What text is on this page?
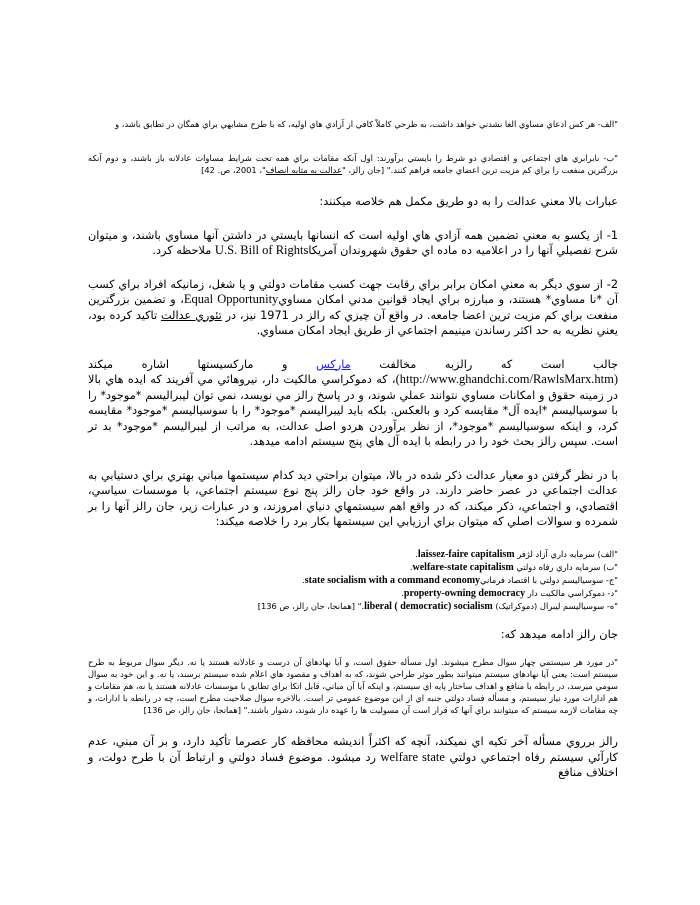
"الف- هر کس ادعاي مساوي الغا نشدني خواهد داشت، به طرحي کاملاً کافي از آزادي هاي اوليه، که با طرح مشابهي براي همگان در تطابق باشد، و

"ب- نابرابري هاي اجتماعي و اقتصادي دو شرط را بايستي برآورند: اول آنکه مقامات براي همه تحت شرايط مساوات عادلانه باز باشند، و دوم آنکه بزرگترين منفعت را براي کم مزيت ترين اعضاي جامعه فراهم کنند." [جان رالز، "عدالت به مثابه انصاف"، 2001، ص. 42]

عبارات بالا معني عدالت را به دو طريق مکمل هم خلاصه ميکنند:

1- از يکسو به معني تضمين همه آزادي هاي اوليه است که انسانها بايستي در داشتن آنها مساوي باشند، و ميتوان شرح تفصيلي آنها را در اعلاميه ده ماده اي حقوق شهروندان آمريکاU.S. Bill of Rights ملاحظه کرد.

2- از سوي ديگر به معني امکان برابر براي رقابت جهت کسب مقامات دولتي و يا شغل، زمانيکه افراد براي کسب آن *نا مساوي* هستند، و مبارزه براي ايجاد قوانين مدني امکان مساويEqual Opportunity، و تضمين بزرگترين منفعت براي کم مزيت ترين اعضا جامعه. در واقع آن چيزي که رالز در 1971 نيز، در تئوري عدالت تاکيد کرده بود، يعني نظريه به حد اکثر رساندن مينيمم اجتماعي از طريق ايجاد امکان مساوي.

جالب است که رالزبه مخالفت مارکس و مارکسيستها اشاره ميکند (http://www.ghandchi.com/RawlsMarx.htm)، که دموکراسي مالکيت دار، نيروهائي مي آفريند که ايده هاي بالا در زمينه حقوق و امکانات مساوي نتوانند عملي شوند، و در پاسخ رالز مي نويسد، نمي توان ليبراليسم *موجود* را با سوسياليسم *ايده آل* مقايسه کرد و بالعکس. بلکه بايد ليبراليسم *موجود* را با سوسياليسم *موجود* مقايسه کرد، و اينکه سوسياليسم *موجود*، از نظر برآوردن هردو اصل عدالت، به مراتب از ليبراليسم *موجود* بد تر است. سپس رالز بحث خود را در رابطه با ايده آل هاي پنج سيستم ادامه ميدهد.

با در نظر گرفتن دو معيار عدالت ذکر شده در بالا، ميتوان براحتي ديد کدام سيستمها مباني بهتري براي دستيابي به عدالت اجتماعي در عصر حاضر دارند. در واقع خود جان رالز پنج نوع سيستم اجتماعي، با موسسات سياسي، اقتصادي، و اجتماعي، ذکر ميکند، که در واقع اهم سيستمهاي دنياي امروزند، و در عبارات زير، جان رالز آنها را بر شمرده و سوالات اصلي که ميتوان براي ارزيابي اين سيستمها بکار برد را خلاصه ميکند:

"الف) سرمايه داري آزاد لژفر laissez-faire capitalism.
"ب) سرمايه داري رفاه دولتي welfare-state capitalism.
"ج- سوسياليسم دولتي با اقتصاد فرمانيstate socialism with a command economy.
"د- دموکراسي مالکيت دار property-owning democracy.
"ه- سوسياليسم ليبرال (دموکراتيک) liberal ( democratic) socialism." [همانجا، جان رالز، ص 136]

جان رالز ادامه ميدهد که:

"در مورد هر سيستمي چهار سوال مطرح ميشوند. اول مسأله حقوق است، و آيا نهادهاي آن درست و عادلانه هستند يا نه. ديگر سوال مربوط به طرح سيستم است: يعني آيا نهادهاي سيستم ميتوانند بطور موثر طراحي شوند، که به اهداف و مقصود هاي اعلام شده سيستم برسند، يا نه. و اين خود به سوال سومي ميرسد، در رابطه با منافع و اهداف ساختار پايه اي سيستم، و اينکه آيا آن مباني، قابل اتکا براي تطابق با موسسات عادلانه هستند يا نه، هم مقامات و هم ادارات مورد نياز سيستم، و مسأله فساد دولتي جنبه اي از اين موضوع عمومي تر است. بالاخره سوال صلاحيت مطرح است، چه در رابطه با ادارات، و چه مقامات لازمه سيستم که ميتوانند براي آنها که قرار است آن مسوليت ها را عهده دار شوند، دشوار باشند." [همانجا، جان رالز، ص 136]

رالز برروي مسأله آخر تکيه اي نميکند، آنچه که اکثراً انديشه محافظه کار عصرما تأکيد دارد، و بر آن مبني، عدم کارآئي سيستم رفاه اجتماعي دولتي welfare state رد ميشود. موضوع فساد دولتي و ارتباط آن با طرح دولت، و اختلاف منافع
